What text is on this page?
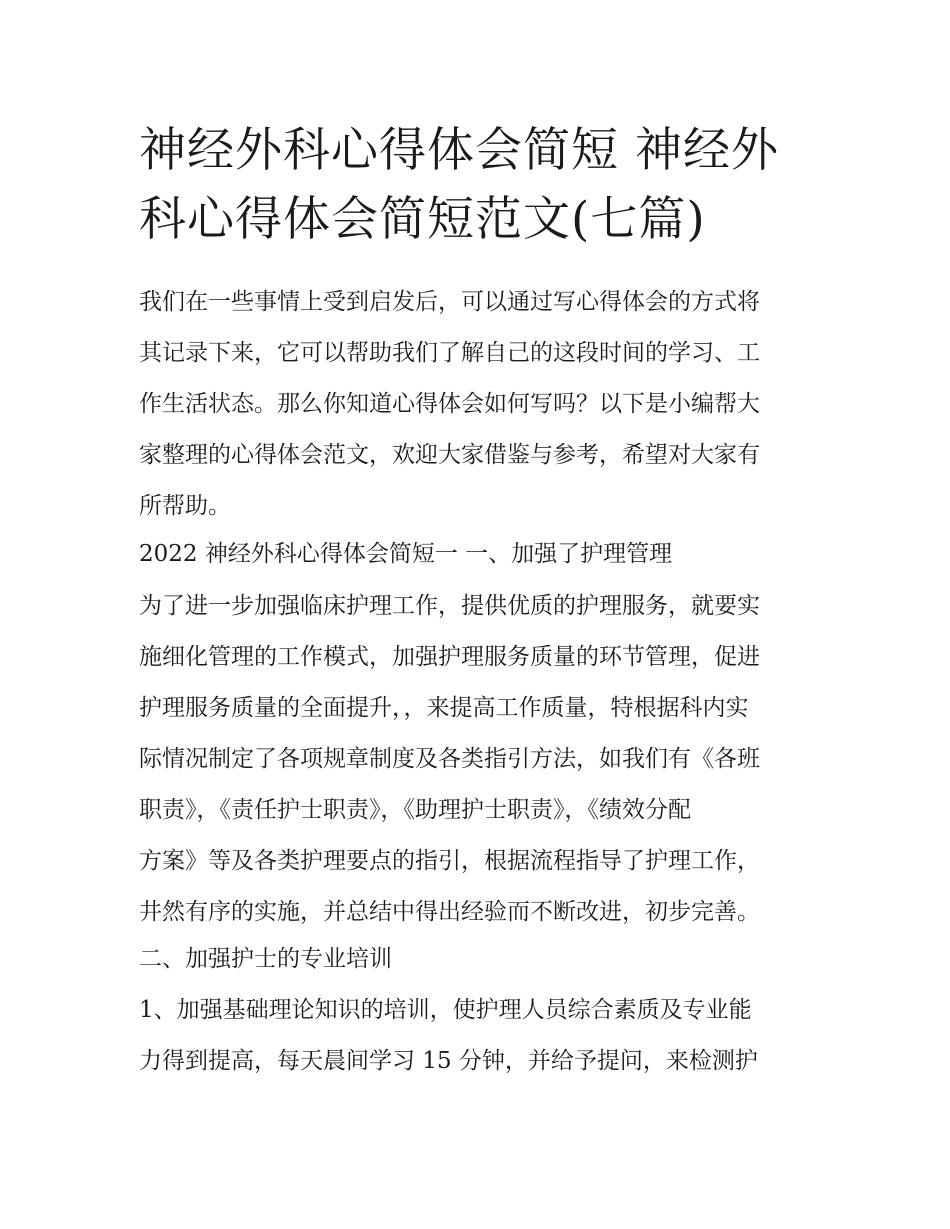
神经外科心得体会简短 神经外
科心得体会简短范文(七篇)
我们在一些事情上受到启发后，可以通过写心得体会的方式将
其记录下来，它可以帮助我们了解自己的这段时间的学习、工
作生活状态。那么你知道心得体会如何写吗？以下是小编帮大
家整理的心得体会范文，欢迎大家借鉴与参考，希望对大家有
所帮助。
2022 神经外科心得体会简短一 一、加强了护理管理
为了进一步加强临床护理工作，提供优质的护理服务，就要实
施细化管理的工作模式，加强护理服务质量的环节管理，促进
护理服务质量的全面提升，，来提高工作质量，特根据科内实
际情况制定了各项规章制度及各类指引方法，如我们有《各班
职责》，《责任护士职责》，《助理护士职责》，《绩效分配
方案》等及各类护理要点的指引，根据流程指导了护理工作，
井然有序的实施，并总结中得出经验而不断改进，初步完善。
二、加强护士的专业培训
1、加强基础理论知识的培训，使护理人员综合素质及专业能
力得到提高，每天晨间学习 15 分钟，并给予提问，来检测护
